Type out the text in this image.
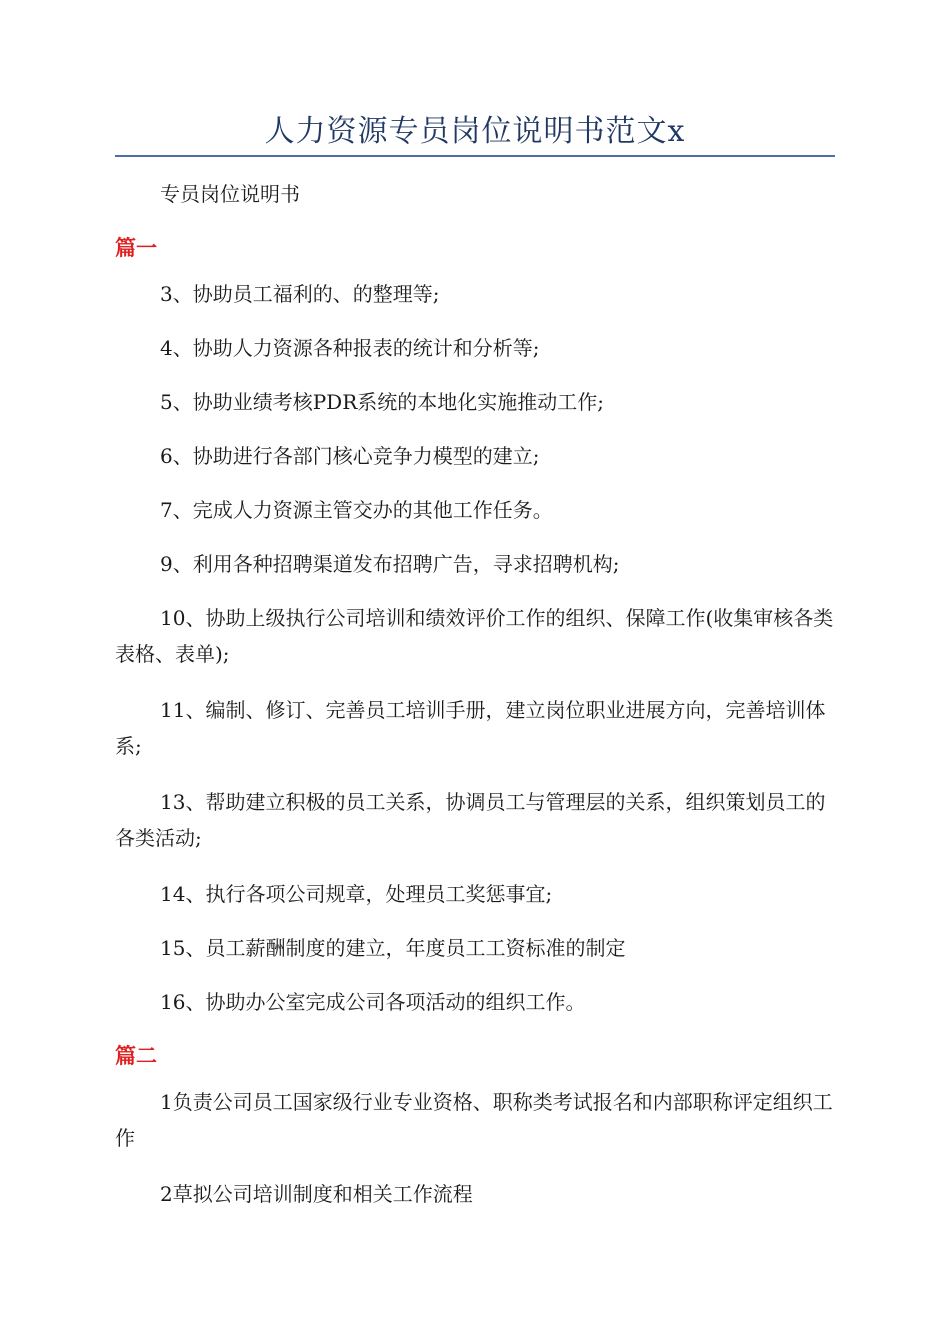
人力资源专员岗位说明书范文x
专员岗位说明书
篇一

3、协助员工福利的、的整理等;

4、协助人力资源各种报表的统计和分析等;

5、协助业绩考核PDR系统的本地化实施推动工作;

6、协助进行各部门核心竞争力模型的建立;

7、完成人力资源主管交办的其他工作任务。

9、利用各种招聘渠道发布招聘广告，寻求招聘机构;

10、协助上级执行公司培训和绩效评价工作的组织、保障工作(收集审核各类表格、表单);

11、编制、修订、完善员工培训手册，建立岗位职业进展方向，完善培训体系;

13、帮助建立积极的员工关系，协调员工与管理层的关系，组织策划员工的各类活动;

14、执行各项公司规章，处理员工奖惩事宜;

15、员工薪酬制度的建立，年度员工工资标准的制定

16、协助办公室完成公司各项活动的组织工作。

篇二

1负责公司员工国家级行业专业资格、职称类考试报名和内部职称评定组织工作

2草拟公司培训制度和相关工作流程
